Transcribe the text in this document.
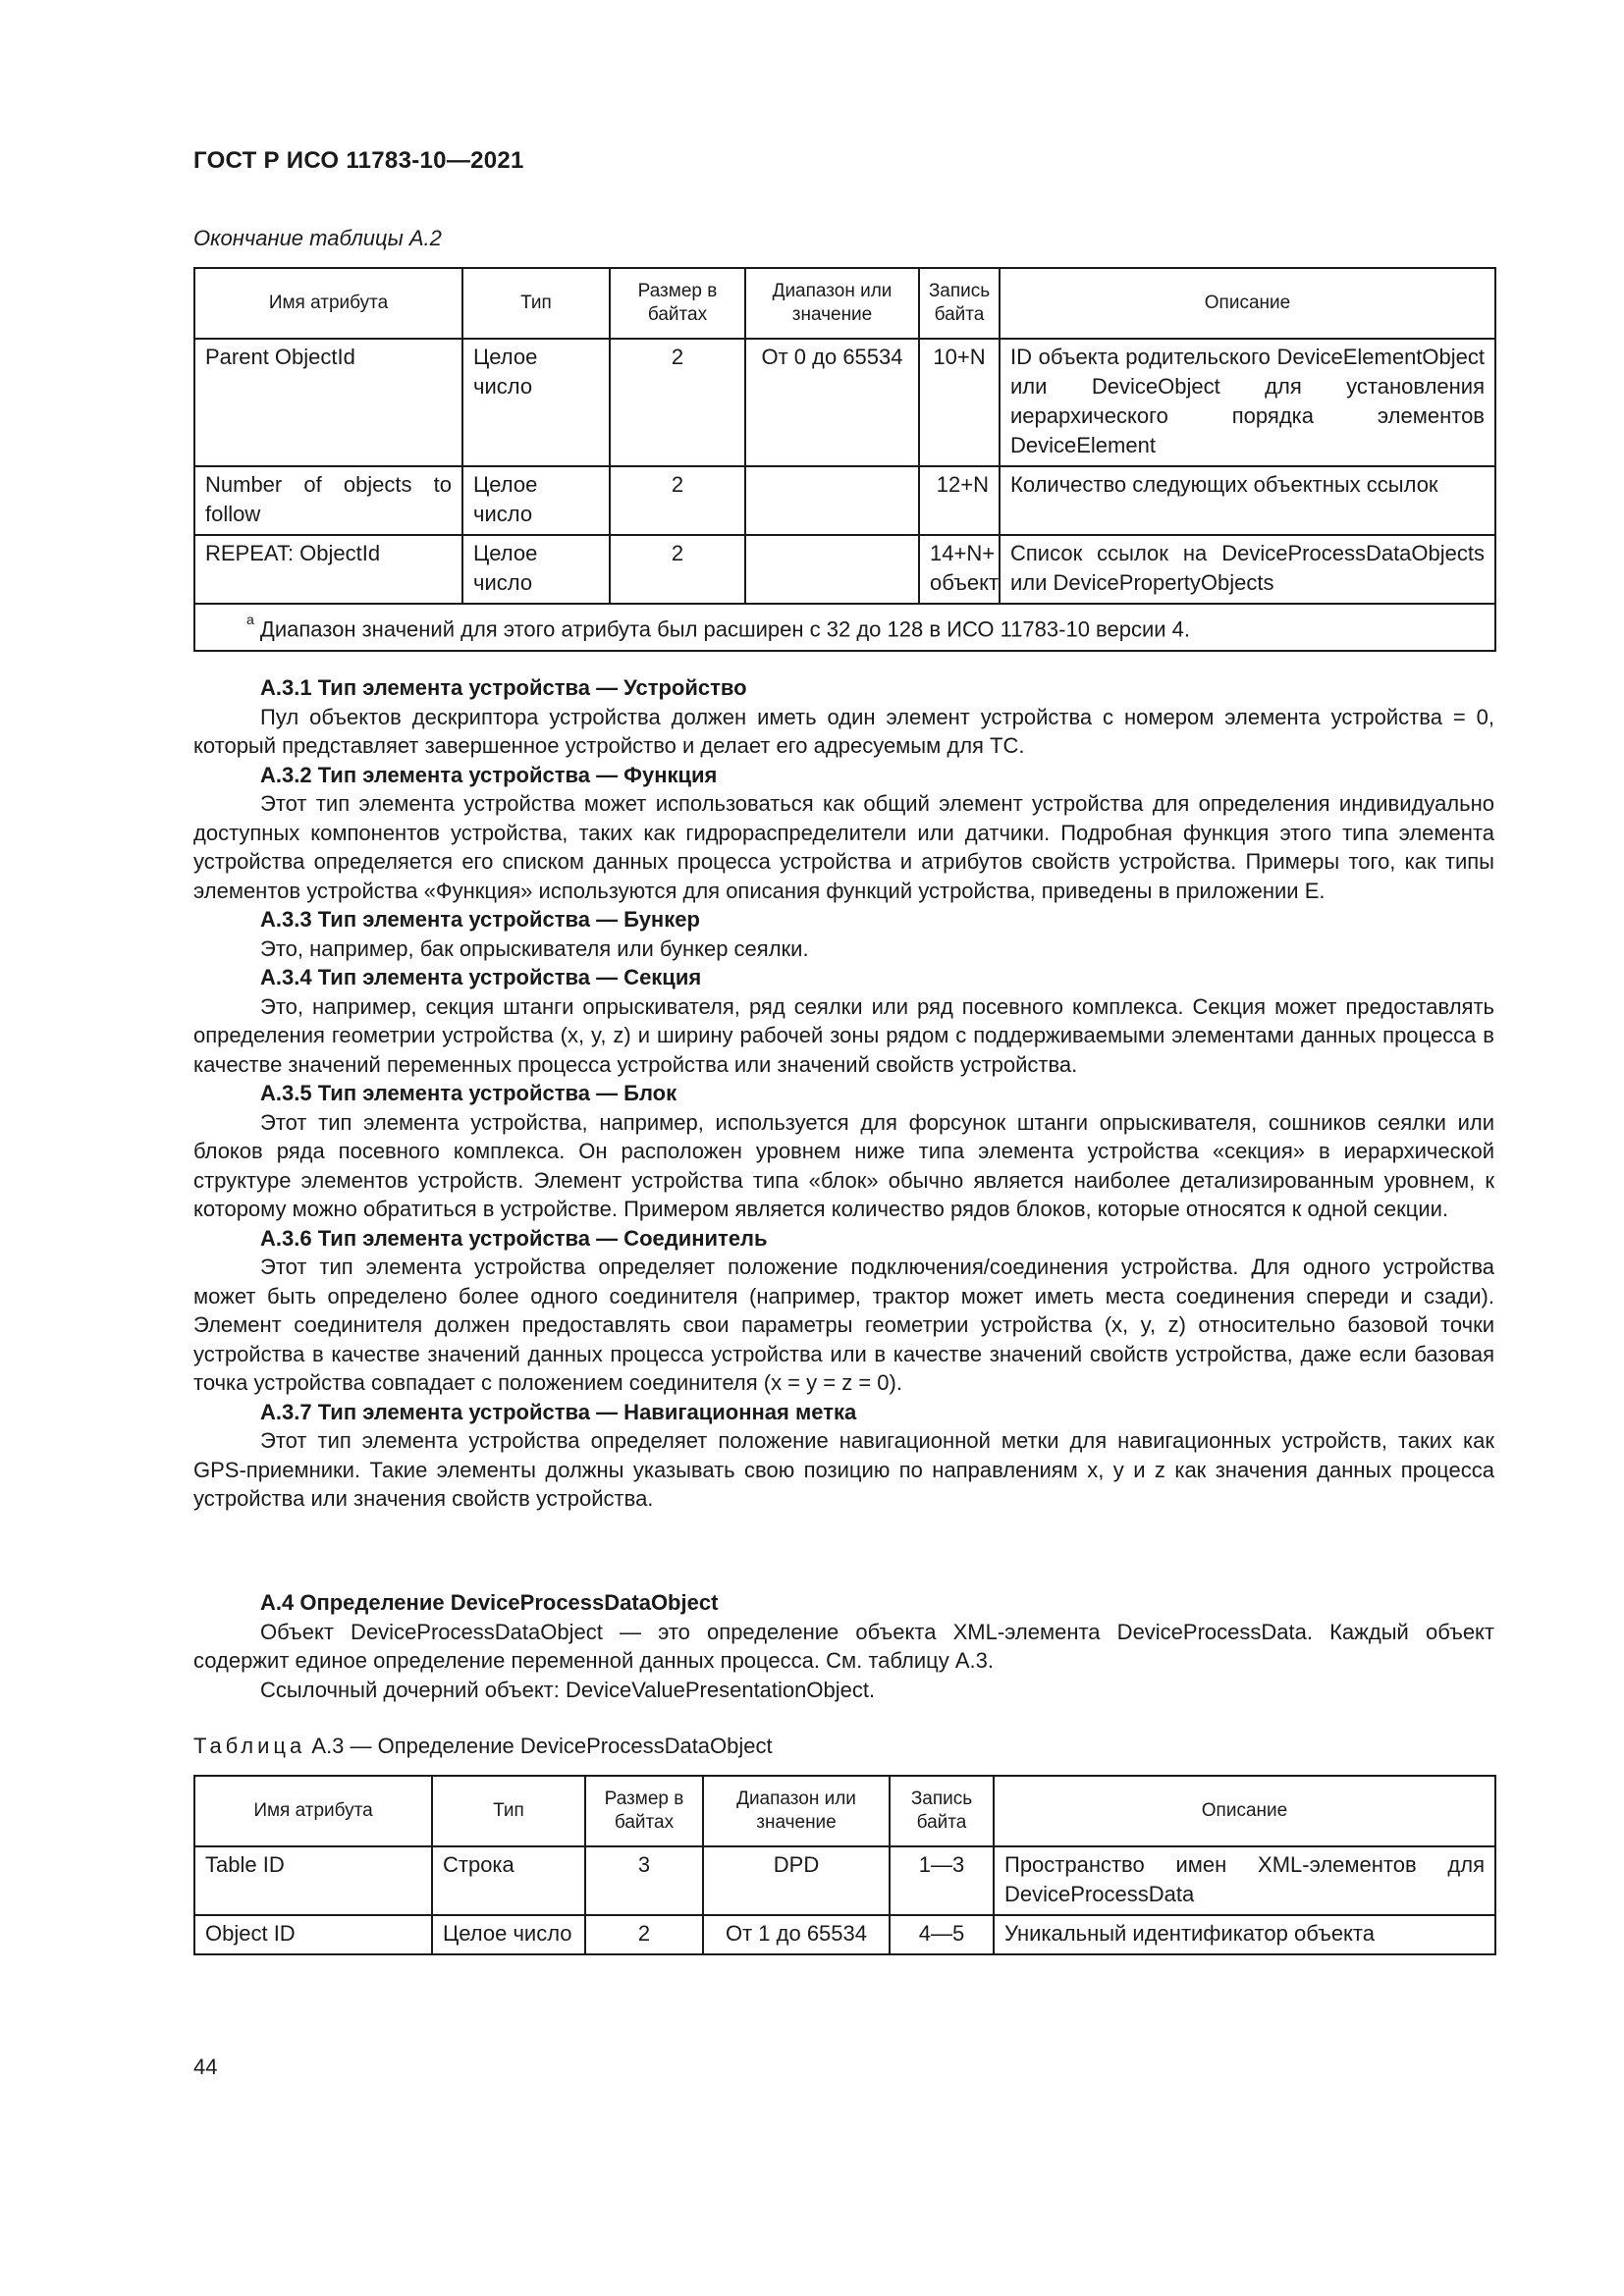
ГОСТ Р ИСО 11783-10—2021
Окончание таблицы А.2
Имя атрибута	Тип	Размер в байтах	Диапазон или значение	Запись байта	Описание
Parent ObjectId	Целое число	2	От 0 до 65534	10+N	ID объекта родительского DeviceElementObject или DeviceObject для установления иерархического порядка элементов DeviceElement
Number of objects to follow	Целое число	2		12+N	Количество следующих объектных ссылок
REPEAT: ObjectId	Целое число	2		14+N+ объект	Список ссылок на DeviceProcessDataObjects или DevicePropertyObjects
$^a$ Диапазон значений для этого атрибута был расширен с 32 до 128 в ИСО 11783-10 версии 4.					
А.3.1 Тип элемента устройства — Устройство

Пул объектов дескриптора устройства должен иметь один элемент устройства с номером элемента устройства = 0, который представляет завершенное устройство и делает его адресуемым для ТС.

А.3.2 Тип элемента устройства — Функция

Этот тип элемента устройства может использоваться как общий элемент устройства для определения индивидуально доступных компонентов устройства, таких как гидрораспределители или датчики. Подробная функция этого типа элемента устройства определяется его списком данных процесса устройства и атрибутов свойств устройства. Примеры того, как типы элементов устройства «Функция» используются для описания функций устройства, приведены в приложении Е.

А.3.3 Тип элемента устройства — Бункер

Это, например, бак опрыскивателя или бункер сеялки.

А.3.4 Тип элемента устройства — Секция

Это, например, секция штанги опрыскивателя, ряд сеялки или ряд посевного комплекса. Секция может предоставлять определения геометрии устройства (x, y, z) и ширину рабочей зоны рядом с поддерживаемыми элементами данных процесса в качестве значений переменных процесса устройства или значений свойств устройства.

А.3.5 Тип элемента устройства — Блок

Этот тип элемента устройства, например, используется для форсунок штанги опрыскивателя, сошников сеялки или блоков ряда посевного комплекса. Он расположен уровнем ниже типа элемента устройства «секция» в иерархической структуре элементов устройств. Элемент устройства типа «блок» обычно является наиболее детализированным уровнем, к которому можно обратиться в устройстве. Примером является количество рядов блоков, которые относятся к одной секции.

А.3.6 Тип элемента устройства — Соединитель

Этот тип элемента устройства определяет положение подключения/соединения устройства. Для одного устройства может быть определено более одного соединителя (например, трактор может иметь места соединения спереди и сзади). Элемент соединителя должен предоставлять свои параметры геометрии устройства (x, y, z) относительно базовой точки устройства в качестве значений данных процесса устройства или в качестве значений свойств устройства, даже если базовая точка устройства совпадает с положением соединителя (x = y = z = 0).

А.3.7 Тип элемента устройства — Навигационная метка

Этот тип элемента устройства определяет положение навигационной метки для навигационных устройств, таких как GPS-приемники. Такие элементы должны указывать свою позицию по направлениям x, y и z как значения данных процесса устройства или значения свойств устройства.

А.4 Определение DeviceProcessDataObject

Объект DeviceProcessDataObject — это определение объекта XML-элемента DeviceProcessData. Каждый объект содержит единое определение переменной данных процесса. См. таблицу А.3.

Ссылочный дочерний объект: DeviceValuePresentationObject.

Таблица А.3 — Определение DeviceProcessDataObject
Имя атрибута	Тип	Размер в байтах	Диапазон или значение	Запись байта	Описание
Table ID	Строка	3	DPD	1—3	Пространство имен XML-элементов для DeviceProcessData
Object ID	Целое число	2	От 1 до 65534	4—5	Уникальный идентификатор объекта
44
